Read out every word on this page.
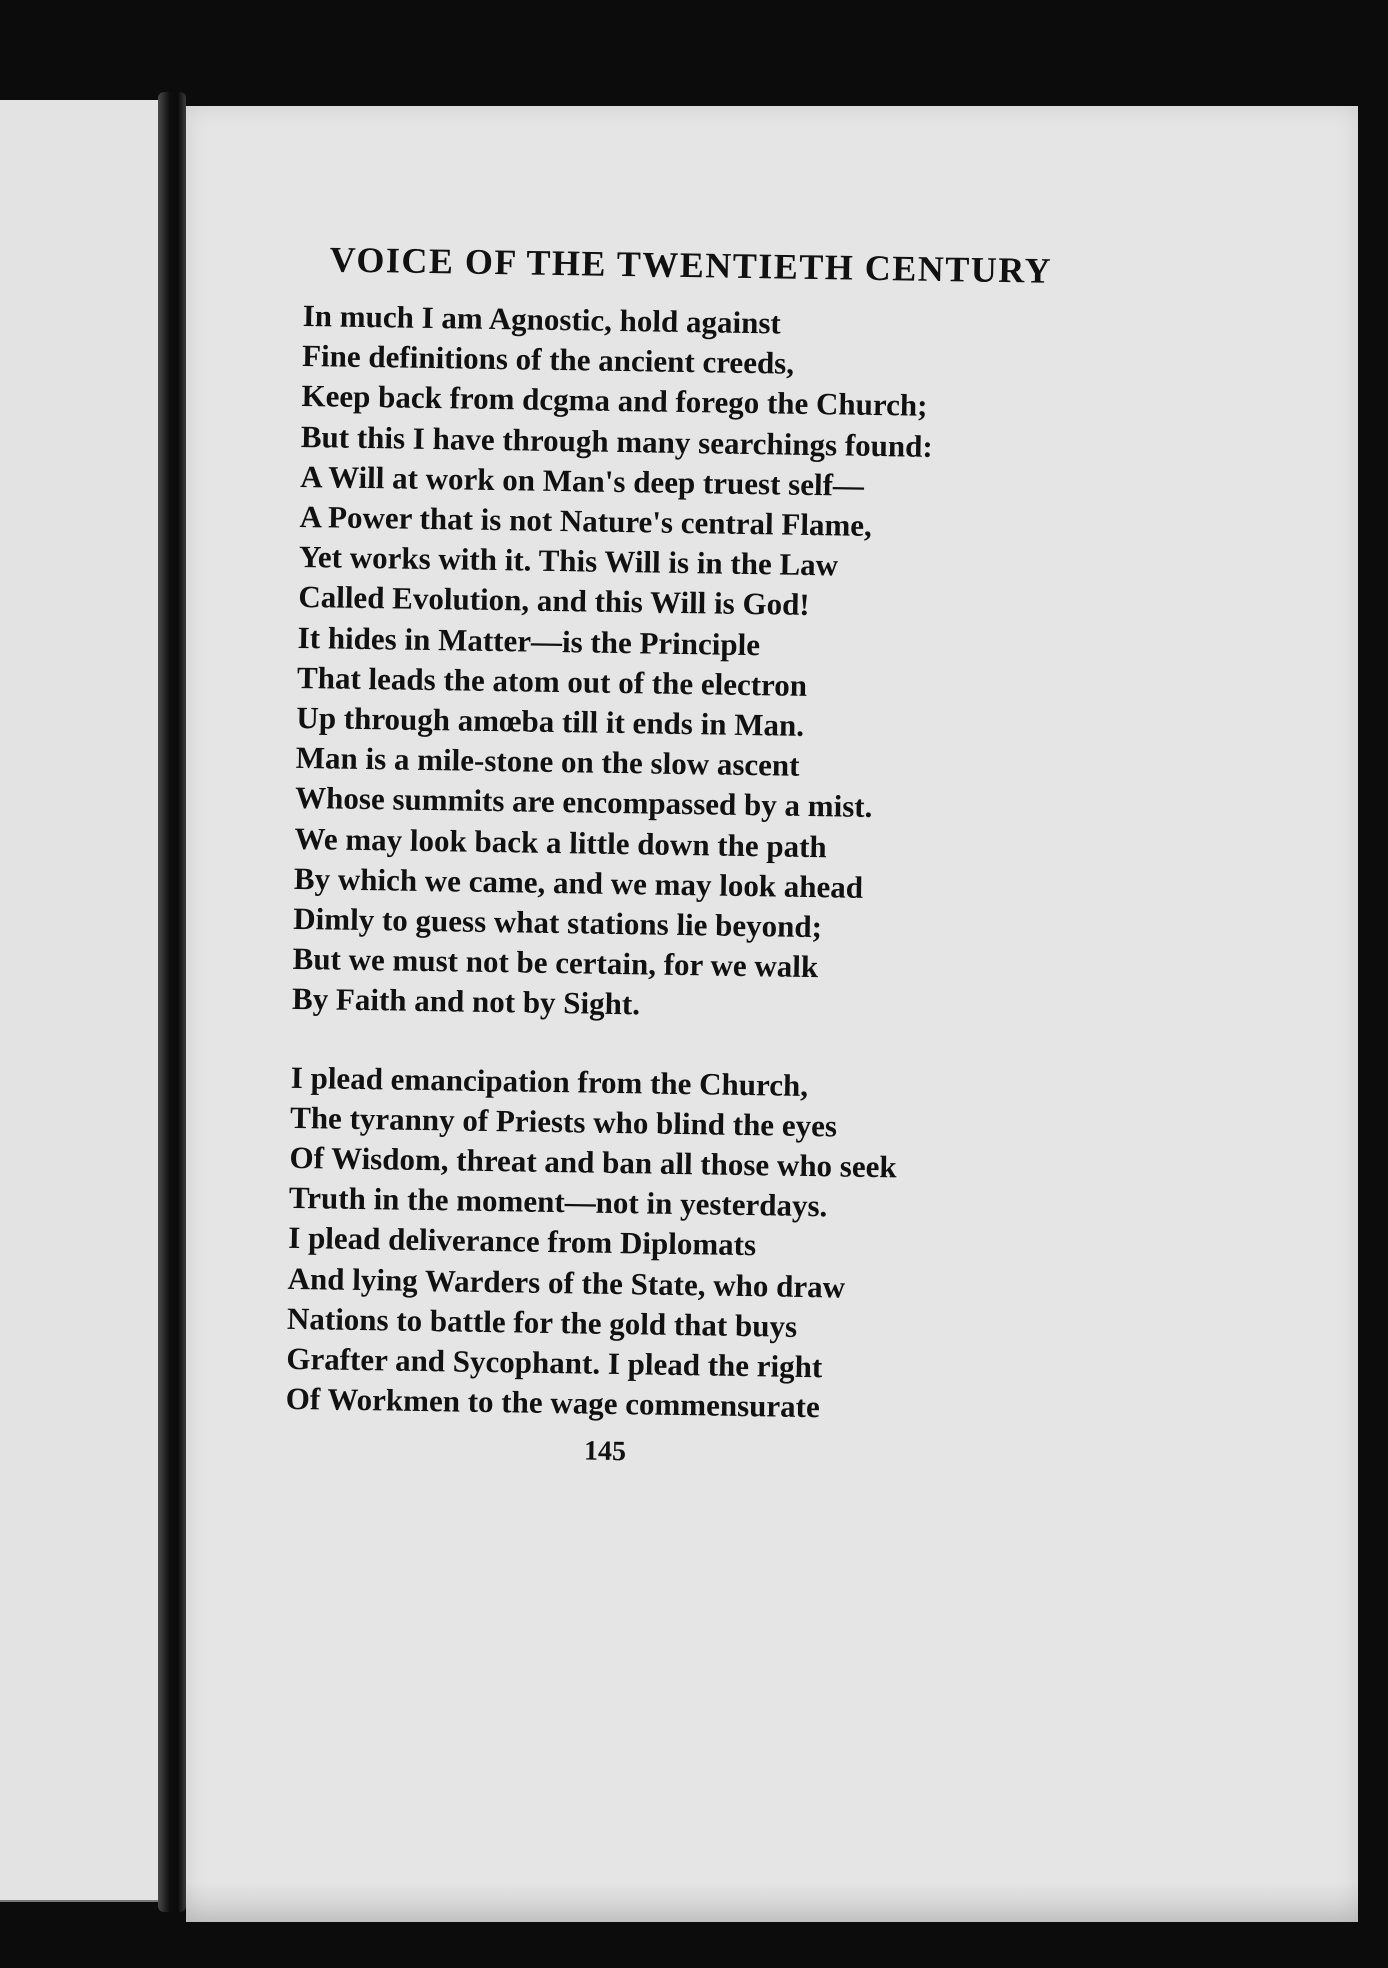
VOICE OF THE TWENTIETH CENTURY
In much I am Agnostic, hold against
Fine definitions of the ancient creeds,
Keep back from dcgma and forego the Church;
But this I have through many searchings found:
A Will at work on Man's deep truest self—
A Power that is not Nature's central Flame,
Yet works with it. This Will is in the Law
Called Evolution, and this Will is God!
It hides in Matter—is the Principle
That leads the atom out of the electron
Up through amœba till it ends in Man.
Man is a mile-stone on the slow ascent
Whose summits are encompassed by a mist.
We may look back a little down the path
By which we came, and we may look ahead
Dimly to guess what stations lie beyond;
But we must not be certain, for we walk
By Faith and not by Sight.
I plead emancipation from the Church,
The tyranny of Priests who blind the eyes
Of Wisdom, threat and ban all those who seek
Truth in the moment—not in yesterdays.
I plead deliverance from Diplomats
And lying Warders of the State, who draw
Nations to battle for the gold that buys
Grafter and Sycophant. I plead the right
Of Workmen to the wage commensurate
145
